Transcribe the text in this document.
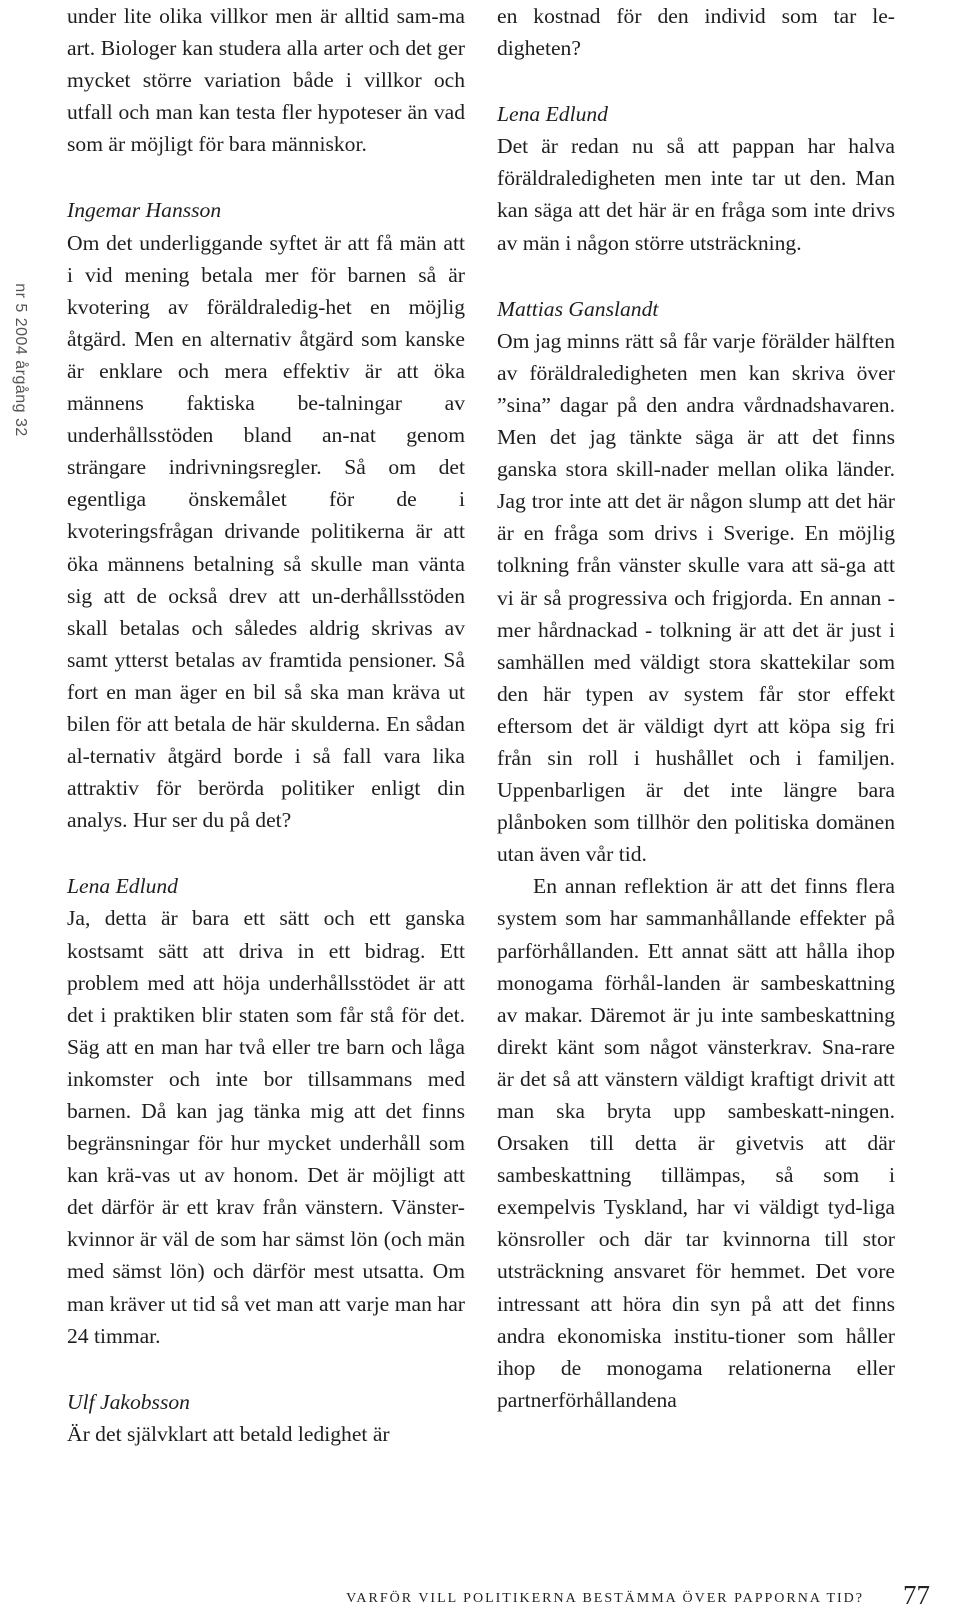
nr 5 2004 årgång 32

under lite olika villkor men är alltid sam-ma art. Biologer kan studera alla arter och det ger mycket större variation både i villkor och utfall och man kan testa fler hypoteser än vad som är möjligt för bara människor.

Ingemar Hansson

Om det underliggande syftet är att få män att i vid mening betala mer för barnen så är kvotering av föräldraledig-het en möjlig åtgärd. Men en alternativ åtgärd som kanske är enklare och mera effektiv är att öka männens faktiska be-talningar av underhållsstöden bland an-nat genom strängare indrivningsregler. Så om det egentliga önskemålet för de i kvoteringsfrågan drivande politikerna är att öka männens betalning så skulle man vänta sig att de också drev att un-derhållsstöden skall betalas och således aldrig skrivas av samt ytterst betalas av framtida pensioner. Så fort en man äger en bil så ska man kräva ut bilen för att betala de här skulderna. En sådan al-ternativ åtgärd borde i så fall vara lika attraktiv för berörda politiker enligt din analys. Hur ser du på det?

Lena Edlund

Ja, detta är bara ett sätt och ett ganska kostsamt sätt att driva in ett bidrag. Ett problem med att höja underhållsstödet är att det i praktiken blir staten som får stå för det. Säg att en man har två eller tre barn och låga inkomster och inte bor tillsammans med barnen. Då kan jag tänka mig att det finns begränsningar för hur mycket underhåll som kan krä-vas ut av honom. Det är möjligt att det därför är ett krav från vänstern. Vänster-kvinnor är väl de som har sämst lön (och män med sämst lön) och därför mest utsatta. Om man kräver ut tid så vet man att varje man har 24 timmar.

Ulf Jakobsson

Är det självklart att betald ledighet är

en kostnad för den individ som tar le-digheten?

Lena Edlund

Det är redan nu så att pappan har halva föräldraledigheten men inte tar ut den. Man kan säga att det här är en fråga som inte drivs av män i någon större utsträckning.

Mattias Ganslandt

Om jag minns rätt så får varje förälder hälften av föräldraledigheten men kan skriva över ”sina” dagar på den andra vårdnadshavaren. Men det jag tänkte säga är att det finns ganska stora skill-nader mellan olika länder. Jag tror inte att det är någon slump att det här är en fråga som drivs i Sverige. En möjlig tolkning från vänster skulle vara att sä-ga att vi är så progressiva och frigjorda. En annan - mer hårdnackad - tolkning är att det är just i samhällen med väldigt stora skattekilar som den här typen av system får stor effekt eftersom det är väldigt dyrt att köpa sig fri från sin roll i hushållet och i familjen. Uppenbarligen är det inte längre bara plånboken som tillhör den politiska domänen utan även vår tid.

En annan reflektion är att det finns flera system som har sammanhållande effekter på parförhållanden. Ett annat sätt att hålla ihop monogama förhål-landen är sambeskattning av makar. Däremot är ju inte sambeskattning direkt känt som något vänsterkrav. Sna-rare är det så att vänstern väldigt kraftigt drivit att man ska bryta upp sambeskatt-ningen. Orsaken till detta är givetvis att där sambeskattning tillämpas, så som i exempelvis Tyskland, har vi väldigt tyd-liga könsroller och där tar kvinnorna till stor utsträckning ansvaret för hemmet. Det vore intressant att höra din syn på att det finns andra ekonomiska institu-tioner som håller ihop de monogama relationerna eller partnerförhållandena

VARFÖR VILL POLITIKERNA BESTÄMMA ÖVER PAPPORNA TID? 77
